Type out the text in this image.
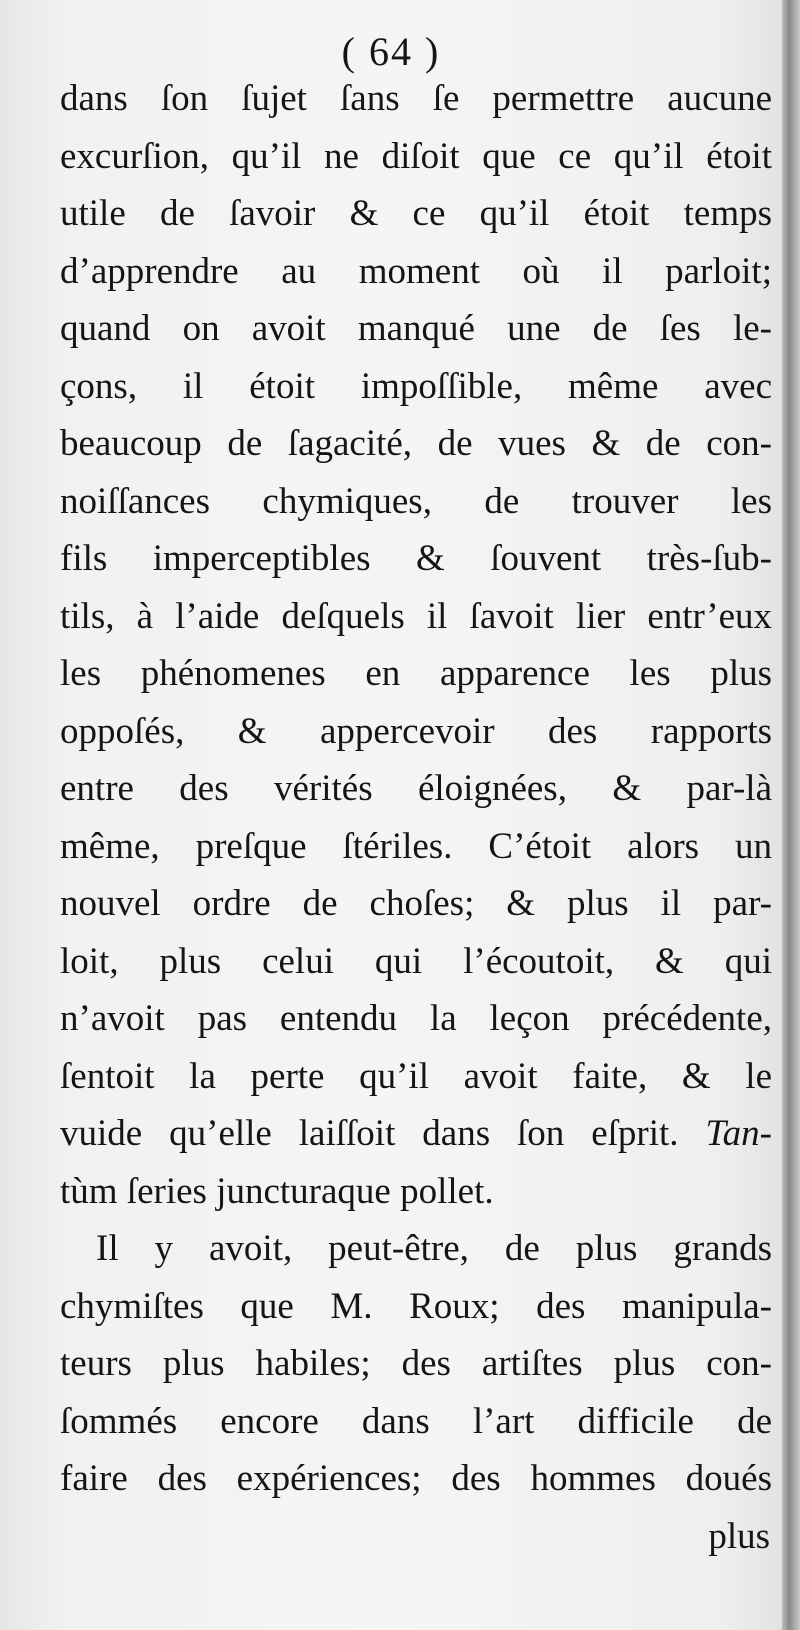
( 64 )
dans ſon ſujet ſans ſe permettre aucune
excurſion, qu’il ne diſoit que ce qu’il étoit
utile de ſavoir & ce qu’il étoit temps
d’apprendre au moment où il parloit;
quand on avoit manqué une de ſes le-
çons, il étoit impoſſible, même avec
beaucoup de ſagacité, de vues & de con-
noiſſances chymiques, de trouver les
fils imperceptibles & ſouvent très-ſub-
tils, à l’aide deſquels il ſavoit lier entr’eux
les phénomenes en apparence les plus
oppoſés, & appercevoir des rapports
entre des vérités éloignées, & par-là
même, preſque ſtériles. C’étoit alors un
nouvel ordre de choſes; & plus il par-
loit, plus celui qui l’écoutoit, & qui
n’avoit pas entendu la leçon précédente,
ſentoit la perte qu’il avoit faite, & le
vuide qu’elle laiſſoit dans ſon eſprit. Tan-
tùm ſeries juncturaque pollet.
Il y avoit, peut-être, de plus grands
chymiſtes que M. Roux; des manipula-
teurs plus habiles; des artiſtes plus con-
ſommés encore dans l’art difficile de
faire des expériences; des hommes doués
plus
